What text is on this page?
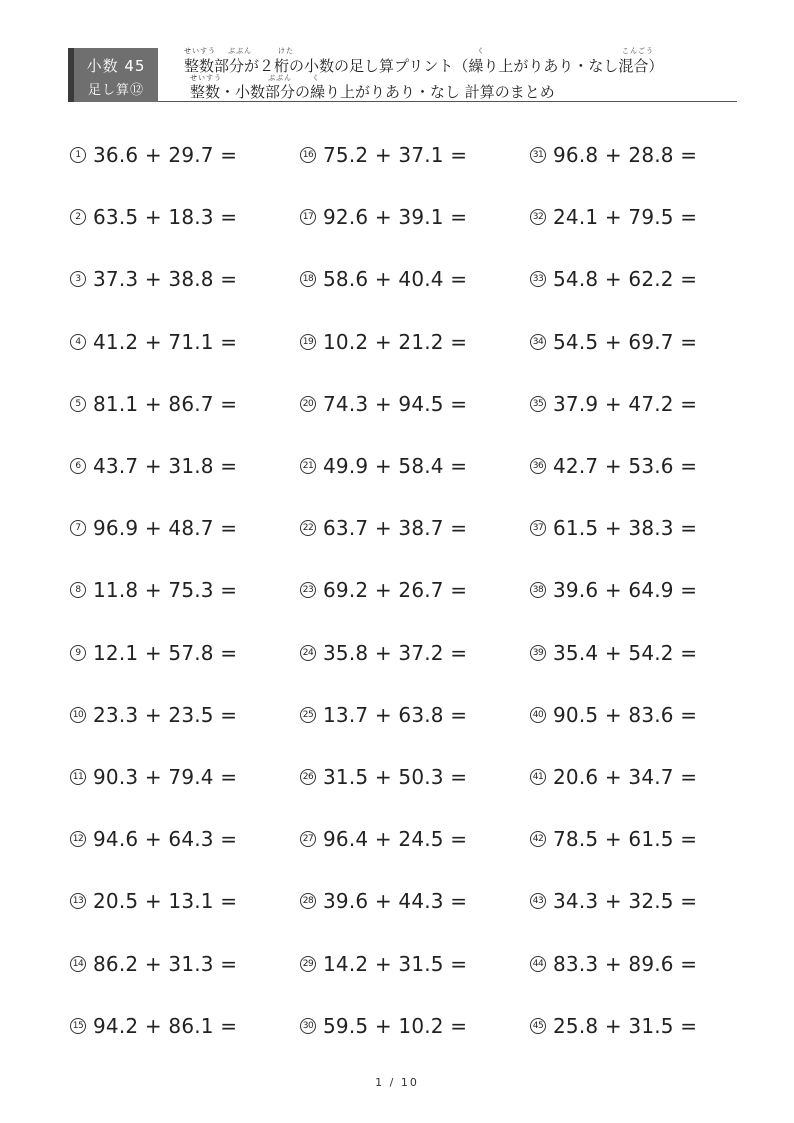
小数 45
足し算⑫
せいすう ぶぶん	けた	く	こんごう
整数部分が２桁の小数の足し算プリント（繰り上がりあり・なし混合）
せいすう	ぶぶん	く
整数・小数部分の繰り上がりあり・なし 計算のまとめ
1 36.6 + 29.7 =
2 63.5 + 18.3 =
3 37.3 + 38.8 =
4 41.2 + 71.1 =
5 81.1 + 86.7 =
6 43.7 + 31.8 =
7 96.9 + 48.7 =
8 11.8 + 75.3 =
9 12.1 + 57.8 =
10 23.3 + 23.5 =
11 90.3 + 79.4 =
12 94.6 + 64.3 =
13 20.5 + 13.1 =
14 86.2 + 31.3 =
15 94.2 + 86.1 =
16 75.2 + 37.1 =
17 92.6 + 39.1 =
18 58.6 + 40.4 =
19 10.2 + 21.2 =
20 74.3 + 94.5 =
21 49.9 + 58.4 =
22 63.7 + 38.7 =
23 69.2 + 26.7 =
24 35.8 + 37.2 =
25 13.7 + 63.8 =
26 31.5 + 50.3 =
27 96.4 + 24.5 =
28 39.6 + 44.3 =
29 14.2 + 31.5 =
30 59.5 + 10.2 =
31 96.8 + 28.8 =
32 24.1 + 79.5 =
33 54.8 + 62.2 =
34 54.5 + 69.7 =
35 37.9 + 47.2 =
36 42.7 + 53.6 =
37 61.5 + 38.3 =
38 39.6 + 64.9 =
39 35.4 + 54.2 =
40 90.5 + 83.6 =
41 20.6 + 34.7 =
42 78.5 + 61.5 =
43 34.3 + 32.5 =
44 83.3 + 89.6 =
45 25.8 + 31.5 =
1 / 10
